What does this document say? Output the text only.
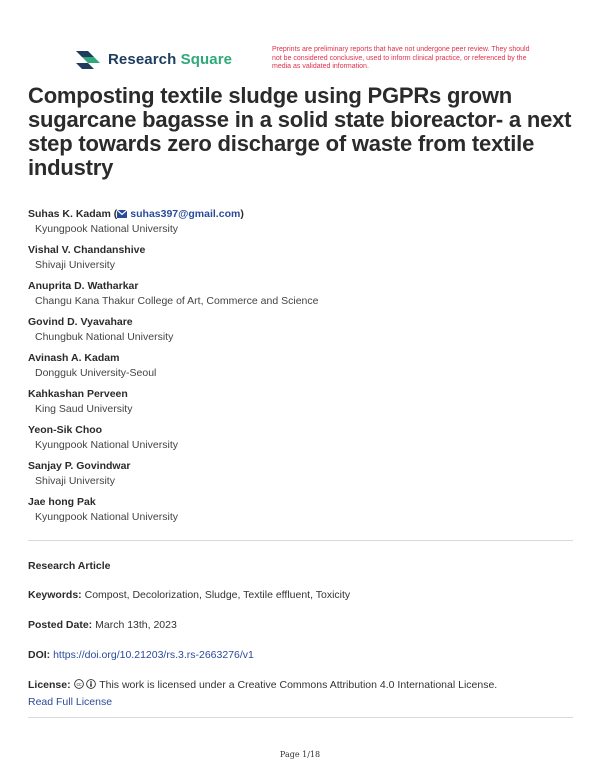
Research Square
Preprints are preliminary reports that have not undergone peer review. They should not be considered conclusive, used to inform clinical practice, or referenced by the media as validated information.
Composting textile sludge using PGPRs grown sugarcane bagasse in a solid state bioreactor- a next step towards zero discharge of waste from textile industry
Suhas K. Kadam ( suhas397@gmail.com)
Kyungpook National University
Vishal V. Chandanshive
Shivaji University
Anuprita D. Watharkar
Changu Kana Thakur College of Art, Commerce and Science
Govind D. Vyavahare
Chungbuk National University
Avinash A. Kadam
Dongguk University-Seoul
Kahkashan Perveen
King Saud University
Yeon-Sik Choo
Kyungpook National University
Sanjay P. Govindwar
Shivaji University
Jae hong Pak
Kyungpook National University
Research Article
Keywords: Compost, Decolorization, Sludge, Textile effluent, Toxicity
Posted Date: March 13th, 2023
DOI: https://doi.org/10.21203/rs.3.rs-2663276/v1
License: cc This work is licensed under a Creative Commons Attribution 4.0 International License.
Read Full License
Page 1/18
